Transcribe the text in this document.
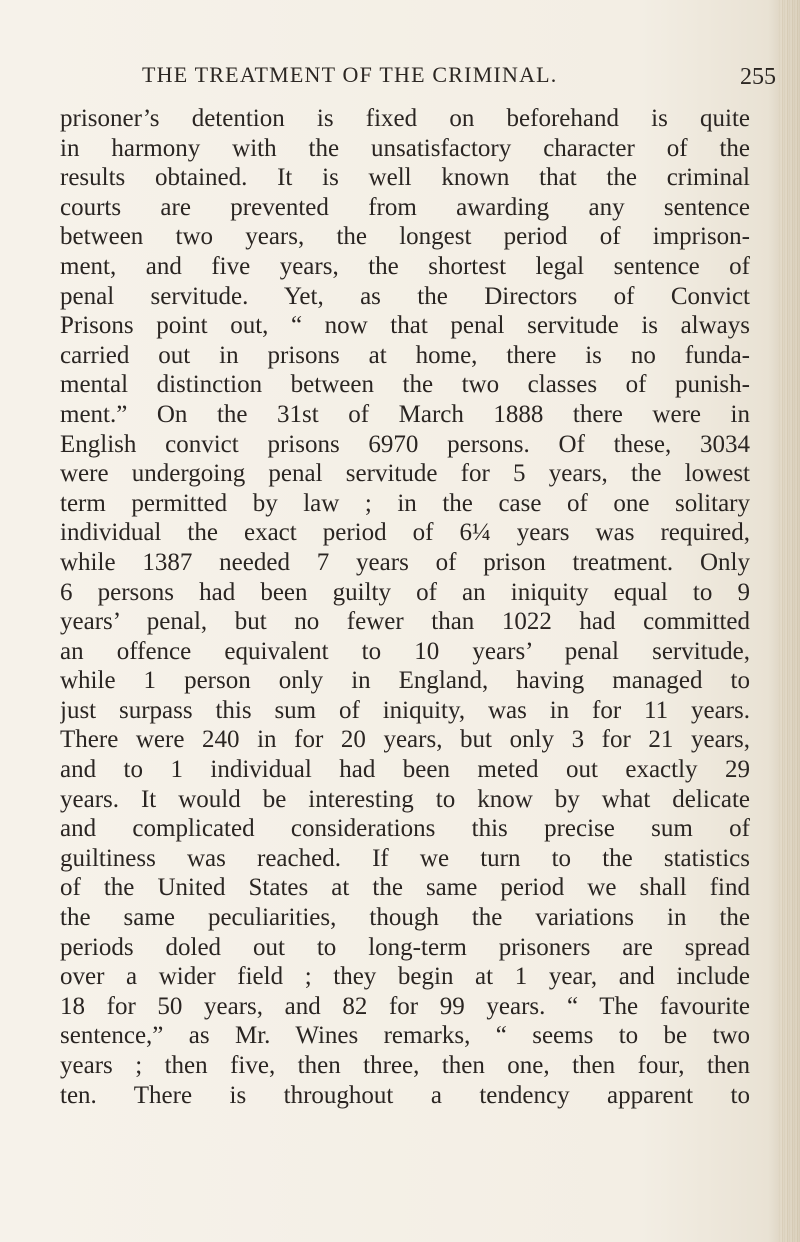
THE TREATMENT OF THE CRIMINAL.	255
prisoner’s detention is fixed on beforehand is quite
in harmony with the unsatisfactory character of the
results obtained. It is well known that the criminal
courts are prevented from awarding any sentence
between two years, the longest period of imprison-
ment, and five years, the shortest legal sentence of
penal servitude. Yet, as the Directors of Convict
Prisons point out, “ now that penal servitude is always
carried out in prisons at home, there is no funda-
mental distinction between the two classes of punish-
ment.” On the 31st of March 1888 there were in
English convict prisons 6970 persons. Of these, 3034
were undergoing penal servitude for 5 years, the lowest
term permitted by law ; in the case of one solitary
individual the exact period of 6¼ years was required,
while 1387 needed 7 years of prison treatment. Only
6 persons had been guilty of an iniquity equal to 9
years’ penal, but no fewer than 1022 had committed
an offence equivalent to 10 years’ penal servitude,
while 1 person only in England, having managed to
just surpass this sum of iniquity, was in for 11 years.
There were 240 in for 20 years, but only 3 for 21 years,
and to 1 individual had been meted out exactly 29
years. It would be interesting to know by what delicate
and complicated considerations this precise sum of
guiltiness was reached. If we turn to the statistics
of the United States at the same period we shall find
the same peculiarities, though the variations in the
periods doled out to long-term prisoners are spread
over a wider field ; they begin at 1 year, and include
18 for 50 years, and 82 for 99 years. “ The favourite
sentence,” as Mr. Wines remarks, “ seems to be two
years ; then five, then three, then one, then four, then
ten. There is throughout a tendency apparent to
